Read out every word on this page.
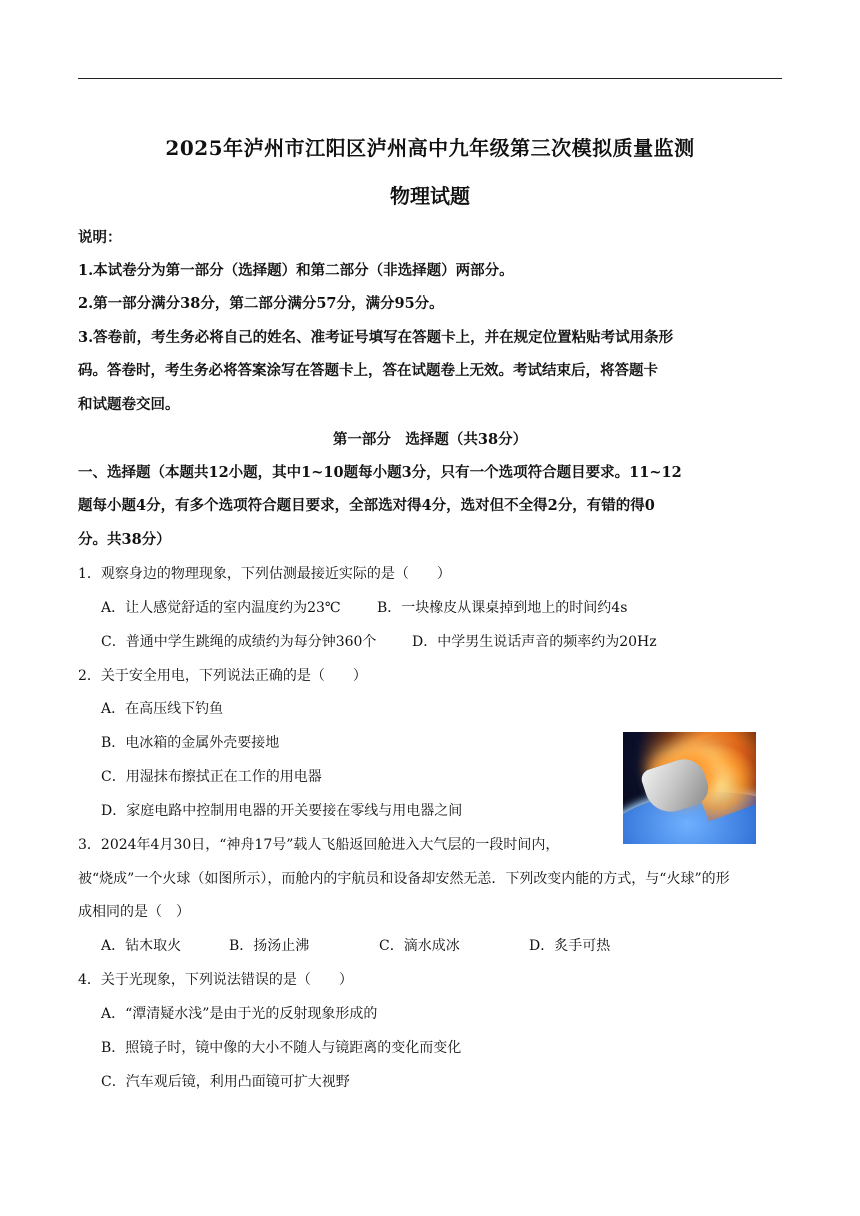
2025年泸州市江阳区泸州高中九年级第三次模拟质量监测
物理试题
说明：
1.本试卷分为第一部分（选择题）和第二部分（非选择题）两部分。
2.第一部分满分38分，第二部分满分57分，满分95分。
3.答卷前，考生务必将自己的姓名、准考证号填写在答题卡上，并在规定位置粘贴考试用条形
码。答卷时，考生务必将答案涂写在答题卡上，答在试题卷上无效。考试结束后，将答题卡
和试题卷交回。
第一部分　选择题（共38分）
一、选择题（本题共12小题，其中1~10题每小题3分，只有一个选项符合题目要求。11~12
题每小题4分，有多个选项符合题目要求，全部选对得4分，选对但不全得2分，有错的得0
分。共38分）
1．观察身边的物理现象，下列估测最接近实际的是（　　）
A．让人感觉舒适的室内温度约为23℃	B．一块橡皮从课桌掉到地上的时间约4s
C．普通中学生跳绳的成绩约为每分钟360个	D．中学男生说话声音的频率约为20Hz
2．关于安全用电，下列说法正确的是（　　）
A．在高压线下钓鱼
B．电冰箱的金属外壳要接地
C．用湿抹布擦拭正在工作的用电器
D．家庭电路中控制用电器的开关要接在零线与用电器之间
3．2024年4月30日，“神舟17号”载人飞船返回舱进入大气层的一段时间内，
被“烧成”一个火球（如图所示），而舱内的宇航员和设备却安然无恙．下列改变内能的方式，与“火球”的形
成相同的是（　）
A．钻木取火	B．扬汤止沸	C．滴水成冰	D．炙手可热
4．关于光现象，下列说法错误的是（　　）
A．“潭清疑水浅”是由于光的反射现象形成的
B．照镜子时，镜中像的大小不随人与镜距离的变化而变化
C．汽车观后镜，利用凸面镜可扩大视野
